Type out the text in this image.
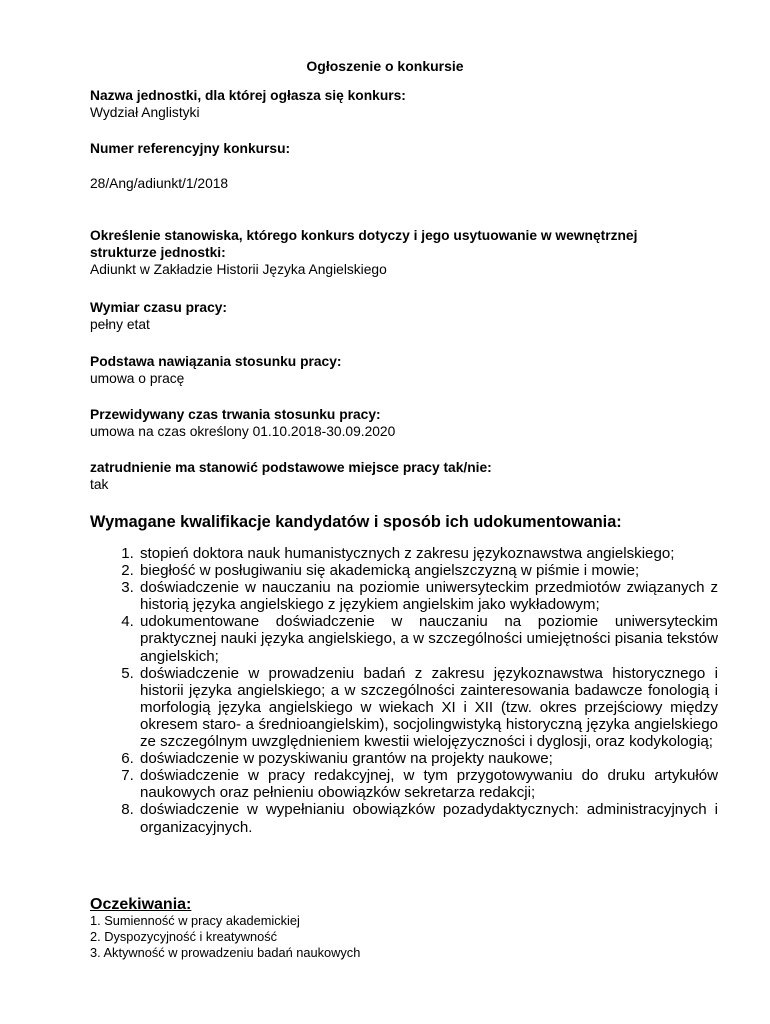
Ogłoszenie o konkursie
Nazwa jednostki, dla której ogłasza się konkurs:
Wydział Anglistyki
Numer referencyjny konkursu:
28/Ang/adiunkt/1/2018
Określenie stanowiska, którego konkurs dotyczy i jego usytuowanie w wewnętrznej strukturze jednostki:
Adiunkt w Zakładzie Historii Języka Angielskiego
Wymiar czasu pracy:
pełny etat
Podstawa nawiązania stosunku pracy:
umowa o pracę
Przewidywany czas trwania stosunku pracy:
umowa na czas określony 01.10.2018-30.09.2020
zatrudnienie ma stanowić podstawowe miejsce pracy tak/nie:
tak
Wymagane kwalifikacje kandydatów i sposób ich udokumentowania:
1. stopień doktora nauk humanistycznych z zakresu językoznawstwa angielskiego;
2. biegłość w posługiwaniu się akademicką angielszczyzną w piśmie i mowie;
3. doświadczenie w nauczaniu na poziomie uniwersyteckim przedmiotów związanych z historią języka angielskiego z językiem angielskim jako wykładowym;
4. udokumentowane doświadczenie w nauczaniu na poziomie uniwersyteckim praktycznej nauki języka angielskiego, a w szczególności umiejętności pisania tekstów angielskich;
5. doświadczenie w prowadzeniu badań z zakresu językoznawstwa historycznego i historii języka angielskiego; a w szczególności zainteresowania badawcze fonologią i morfologią języka angielskiego w wiekach XI i XII (tzw. okres przejściowy między okresem staro- a średnioangielskim), socjolingwistyką historyczną języka angielskiego ze szczególnym uwzględnieniem kwestii wielojęzyczności i dyglosji, oraz kodykologią;
6. doświadczenie w pozyskiwaniu grantów na projekty naukowe;
7. doświadczenie w pracy redakcyjnej, w tym przygotowywaniu do druku artykułów naukowych oraz pełnieniu obowiązków sekretarza redakcji;
8. doświadczenie w wypełnianiu obowiązków pozadydaktycznych: administracyjnych i organizacyjnych.
Oczekiwania:
1. Sumienność w pracy akademickiej
2. Dyspozycyjność i kreatywność
3. Aktywność w prowadzeniu badań naukowych
